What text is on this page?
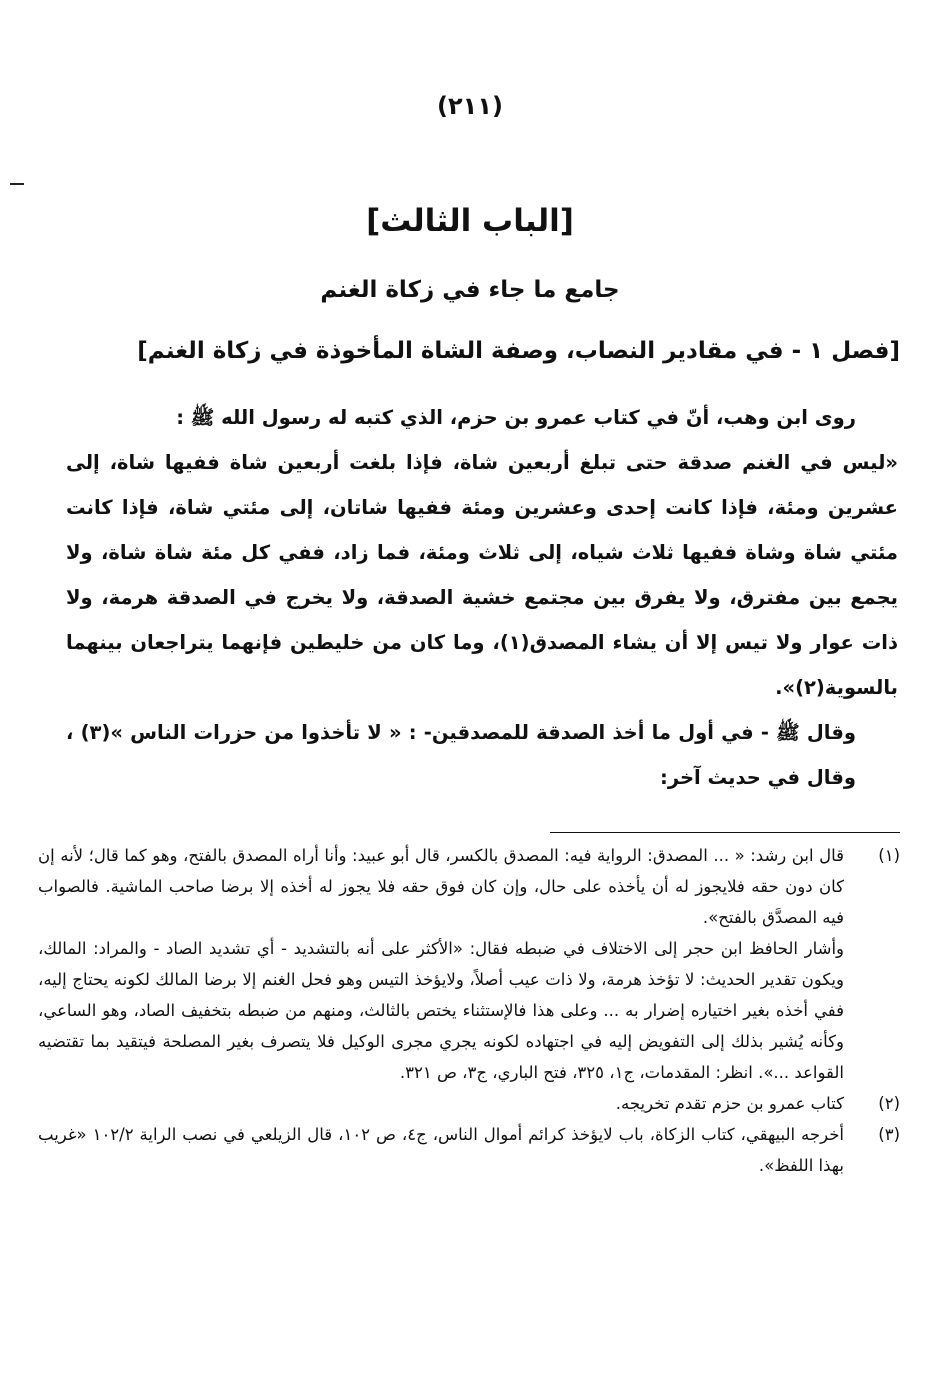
(٢١١)
[الباب الثالث]
جامع ما جاء في زكاة الغنم
[فصل ١ - في مقادير النصاب، وصفة الشاة المأخوذة في زكاة الغنم]

روى ابن وهب، أنّ في كتاب عمرو بن حزم، الذي كتبه له رسول الله ﷺ :

«ليس في الغنم صدقة حتى تبلغ أربعين شاة، فإذا بلغت أربعين شاة ففيها شاة، إلى عشرين ومئة، فإذا كانت إحدى وعشرين ومئة ففيها شاتان، إلى مئتي شاة، فإذا كانت مئتي شاة وشاة ففيها ثلاث شياه، إلى ثلاث ومئة، فما زاد، ففي كل مئة شاة شاة، ولا يجمع بين مفترق، ولا يفرق بين مجتمع خشية الصدقة، ولا يخرج في الصدقة هرمة، ولا ذات عوار ولا تيس إلا أن يشاء المصدق(١)، وما كان من خليطين فإنهما يتراجعان بينهما بالسوية(٢)».

وقال ﷺ - في أول ما أخذ الصدقة للمصدقين- : « لا تأخذوا من حزرات الناس »(٣) ، وقال في حديث آخر:

(١)
قال ابن رشد: « ... المصدق: الرواية فيه: المصدق بالكسر، قال أبو عبيد: وأنا أراه المصدق بالفتح، وهو كما قال؛ لأنه إن كان دون حقه فلايجوز له أن يأخذه على حال، وإن كان فوق حقه فلا يجوز له أخذه إلا برضا صاحب الماشية. فالصواب فيه المصدَّق بالفتح».
وأشار الحافظ ابن حجر إلى الاختلاف في ضبطه فقال: «الأكثر على أنه بالتشديد - أي تشديد الصاد - والمراد: المالك، ويكون تقدير الحديث: لا تؤخذ هرمة، ولا ذات عيب أصلاً، ولايؤخذ التيس وهو فحل الغنم إلا برضا المالك لكونه يحتاج إليه، ففي أخذه بغير اختياره إضرار به ... وعلى هذا فالإستثناء يختص بالثالث، ومنهم من ضبطه بتخفيف الصاد، وهو الساعي، وكأنه يُشير بذلك إلى التفويض إليه في اجتهاده لكونه يجري مجرى الوكيل فلا يتصرف بغير المصلحة فيتقيد بما تقتضيه القواعد ...». انظر: المقدمات، ج١، ٣٢٥، فتح الباري، ج٣، ص ٣٢١.
(٢)
كتاب عمرو بن حزم تقدم تخريجه.
(٣)
أخرجه البيهقي، كتاب الزكاة، باب لايؤخذ كرائم أموال الناس، ج٤، ص ١٠٢، قال الزيلعي في نصب الراية ١٠٢/٢ «غريب بهذا اللفظ».
